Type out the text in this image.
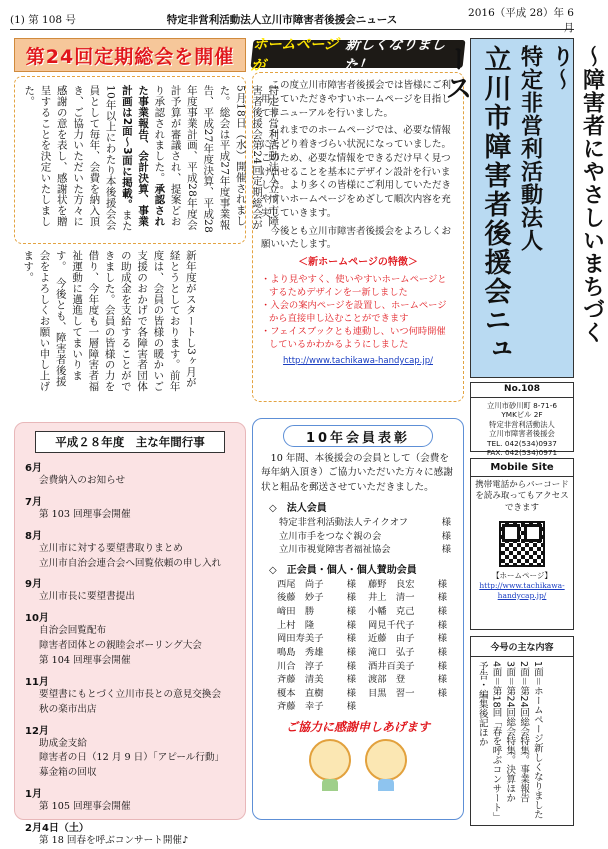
(1) 第 108 号	特定非営利活動法人立川市障害者後援会ニュース
2016（平成 28）年 6 月
第24回定期総会を開催
ホームページが
新しくなりました！
特定非営利活動法人立川市障害者後援会第24回定期総会が5月18日（水）開催されました。総会は平成27年度事業報告、平成27年度決算、平成28年度事業計画、平成28年度会計予算が審議され、提案どおり承認されました。承認された事業報告、会計決算、事業計画は2面〜3面に掲載。また10年以上にわたり本後援会会員として毎年、会費を納入頂き、ご協力いただいた方々に感謝の意を表し、感謝状を贈呈することを決定いたしました。
新年度がスタートし3ヶ月が経とうとしております。前年度は、会員の皆様の暖かいご支援のおかげで各障害者団体の助成金を支給することができました。会員の皆様の力を借り、今年度も一層障害者福祉運動に邁進してまいります。　今後とも、障害者後援会をよろしくお願い申し上げます。

この度立川市障害者後援会では皆様にご利用していただきやすいホームページを目指してリニューアルを行いました。

これまでのホームページでは、必要な情報にたどり着きづらい状況になっていました。このため、必要な情報をできるだけ早く見つけ出せることを基本にデザイン設計を行いました。より多くの皆様にご利用していただきやすいホームページをめざして順次内容を充実していきます。

今後とも立川市障害者後援会をよろしくお願いいたします。

＜新ホームページの特徴＞
・より見やすく、使いやすいホームページとするためデザインを一新しました
・入会の案内ページを設置し、ホームページから直接申し込むことができます
・フェイスブックとも連動し、いつ何時開催しているかわかるようにしました
http://www.tachikawa-handycap.jp/
〜障害者にやさしいまちづくり〜
特定非営利活動法人
立川市障害者後援会ニュース
No.108
立川市砂川町 8-71-6
YMKビル 2F
特定非営利活動法人
立川市障害者後援会
TEL. 042(534)0937
FAX. 042(534)0971
Mobile Site
携帯電話からバーコードを読み取ってもアクセスできます
【ホームページ】
http://www.tachikawa-handycap.jp/
今号の主な内容
1面＝ホームページ新しくなりました
2面＝第24回総会特集。事業報告
3面＝第24回総会特集。決算ほか
4面＝第18回「春を呼ぶコンサート」予告・編集後記ほか
平成２８年度　主な年間行事
6月
会費納入のお知らせ
7月
第 103 回理事会開催
8月
立川市に対する要望書取りまとめ
立川市自治会連合会へ回覧依頼の申し入れ
9月
立川市長に要望書提出
10月
自治会回覧配布
障害者団体との親睦会ボーリング大会
第 104 回理事会開催
11月
要望書にもとづく立川市長との意見交換会
秋の楽市出店
12月
助成金支給
障害者の日（12 月 9 日）「アピール行動」
募金箱の回収
1月
第 105 回理事会開催
2月4日（土）
第 18 回春を呼ぶコンサート開催♪
10年会員表彰
10 年間、本後援会の会員として（会費を毎年納入頂き）ご協力いただいた方々に感謝状と粗品を郵送させていただきました。
◇　法人会員
特定非営利活動法人テイクオフ	様
立川市手をつなぐ親の会	様
立川市視覚障害者福祉協会	様
◇　正会員・個人・個人賛助会員
西尾　尚子 様 藤野　良宏 様
後藤　妙子 様 井上　清一 様
﨑田　勝	様 小幡　克己 様
上村　隆	様 岡見千代子 様
岡田寿美子 様 近藤　由子 様
鳴島　秀雄 様 滝口　弘子 様
川合　淳子 様 酒井百美子 様
斉藤　清美 様 渡部　登	様
榎本　直樹 様 目黒　習一 様
斉藤　幸子 様
ご協力に感謝申しあげます
